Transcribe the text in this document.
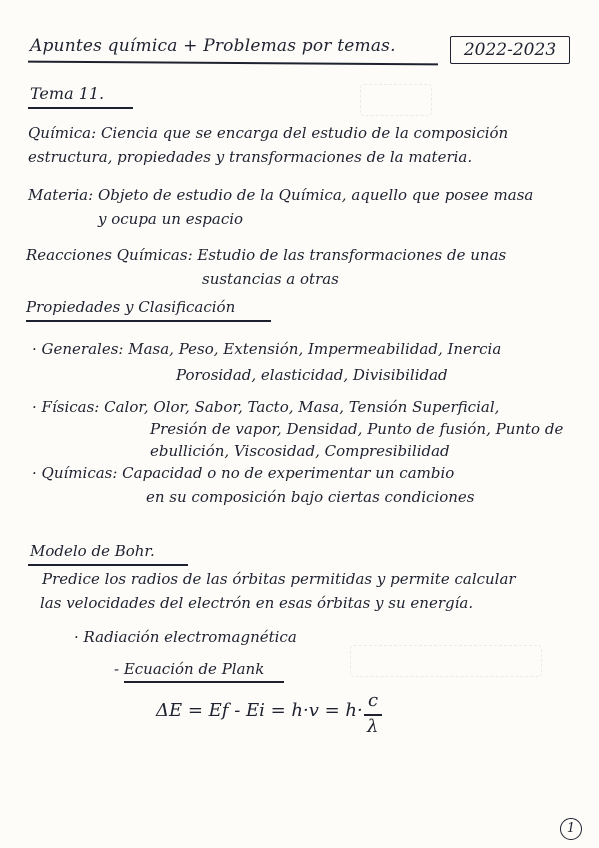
Apuntes química + Problemas por temas.	2022-2023
Tema 11.
Química: Ciencia que se encarga del estudio de la composición
estructura, propiedades y transformaciones de la materia.
Materia: Objeto de estudio de la Química, aquello que posee masa
y ocupa un espacio
Reacciones Químicas: Estudio de las transformaciones de unas
sustancias a otras
Propiedades y Clasificación
· Generales: Masa, Peso, Extensión, Impermeabilidad, Inercia
Porosidad, elasticidad, Divisibilidad
· Físicas: Calor, Olor, Sabor, Tacto, Masa, Tensión Superficial,
Presión de vapor, Densidad, Punto de fusión, Punto de
ebullición, Viscosidad, Compresibilidad
· Químicas: Capacidad o no de experimentar un cambio
en su composición bajo ciertas condiciones
Modelo de Bohr.
Predice los radios de las órbitas permitidas y permite calcular
las velocidades del electrón en esas órbitas y su energía.
· Radiación electromagnética
- Ecuación de Plank
ΔE = Ef - Ei = h·v = h· c
λ
1
